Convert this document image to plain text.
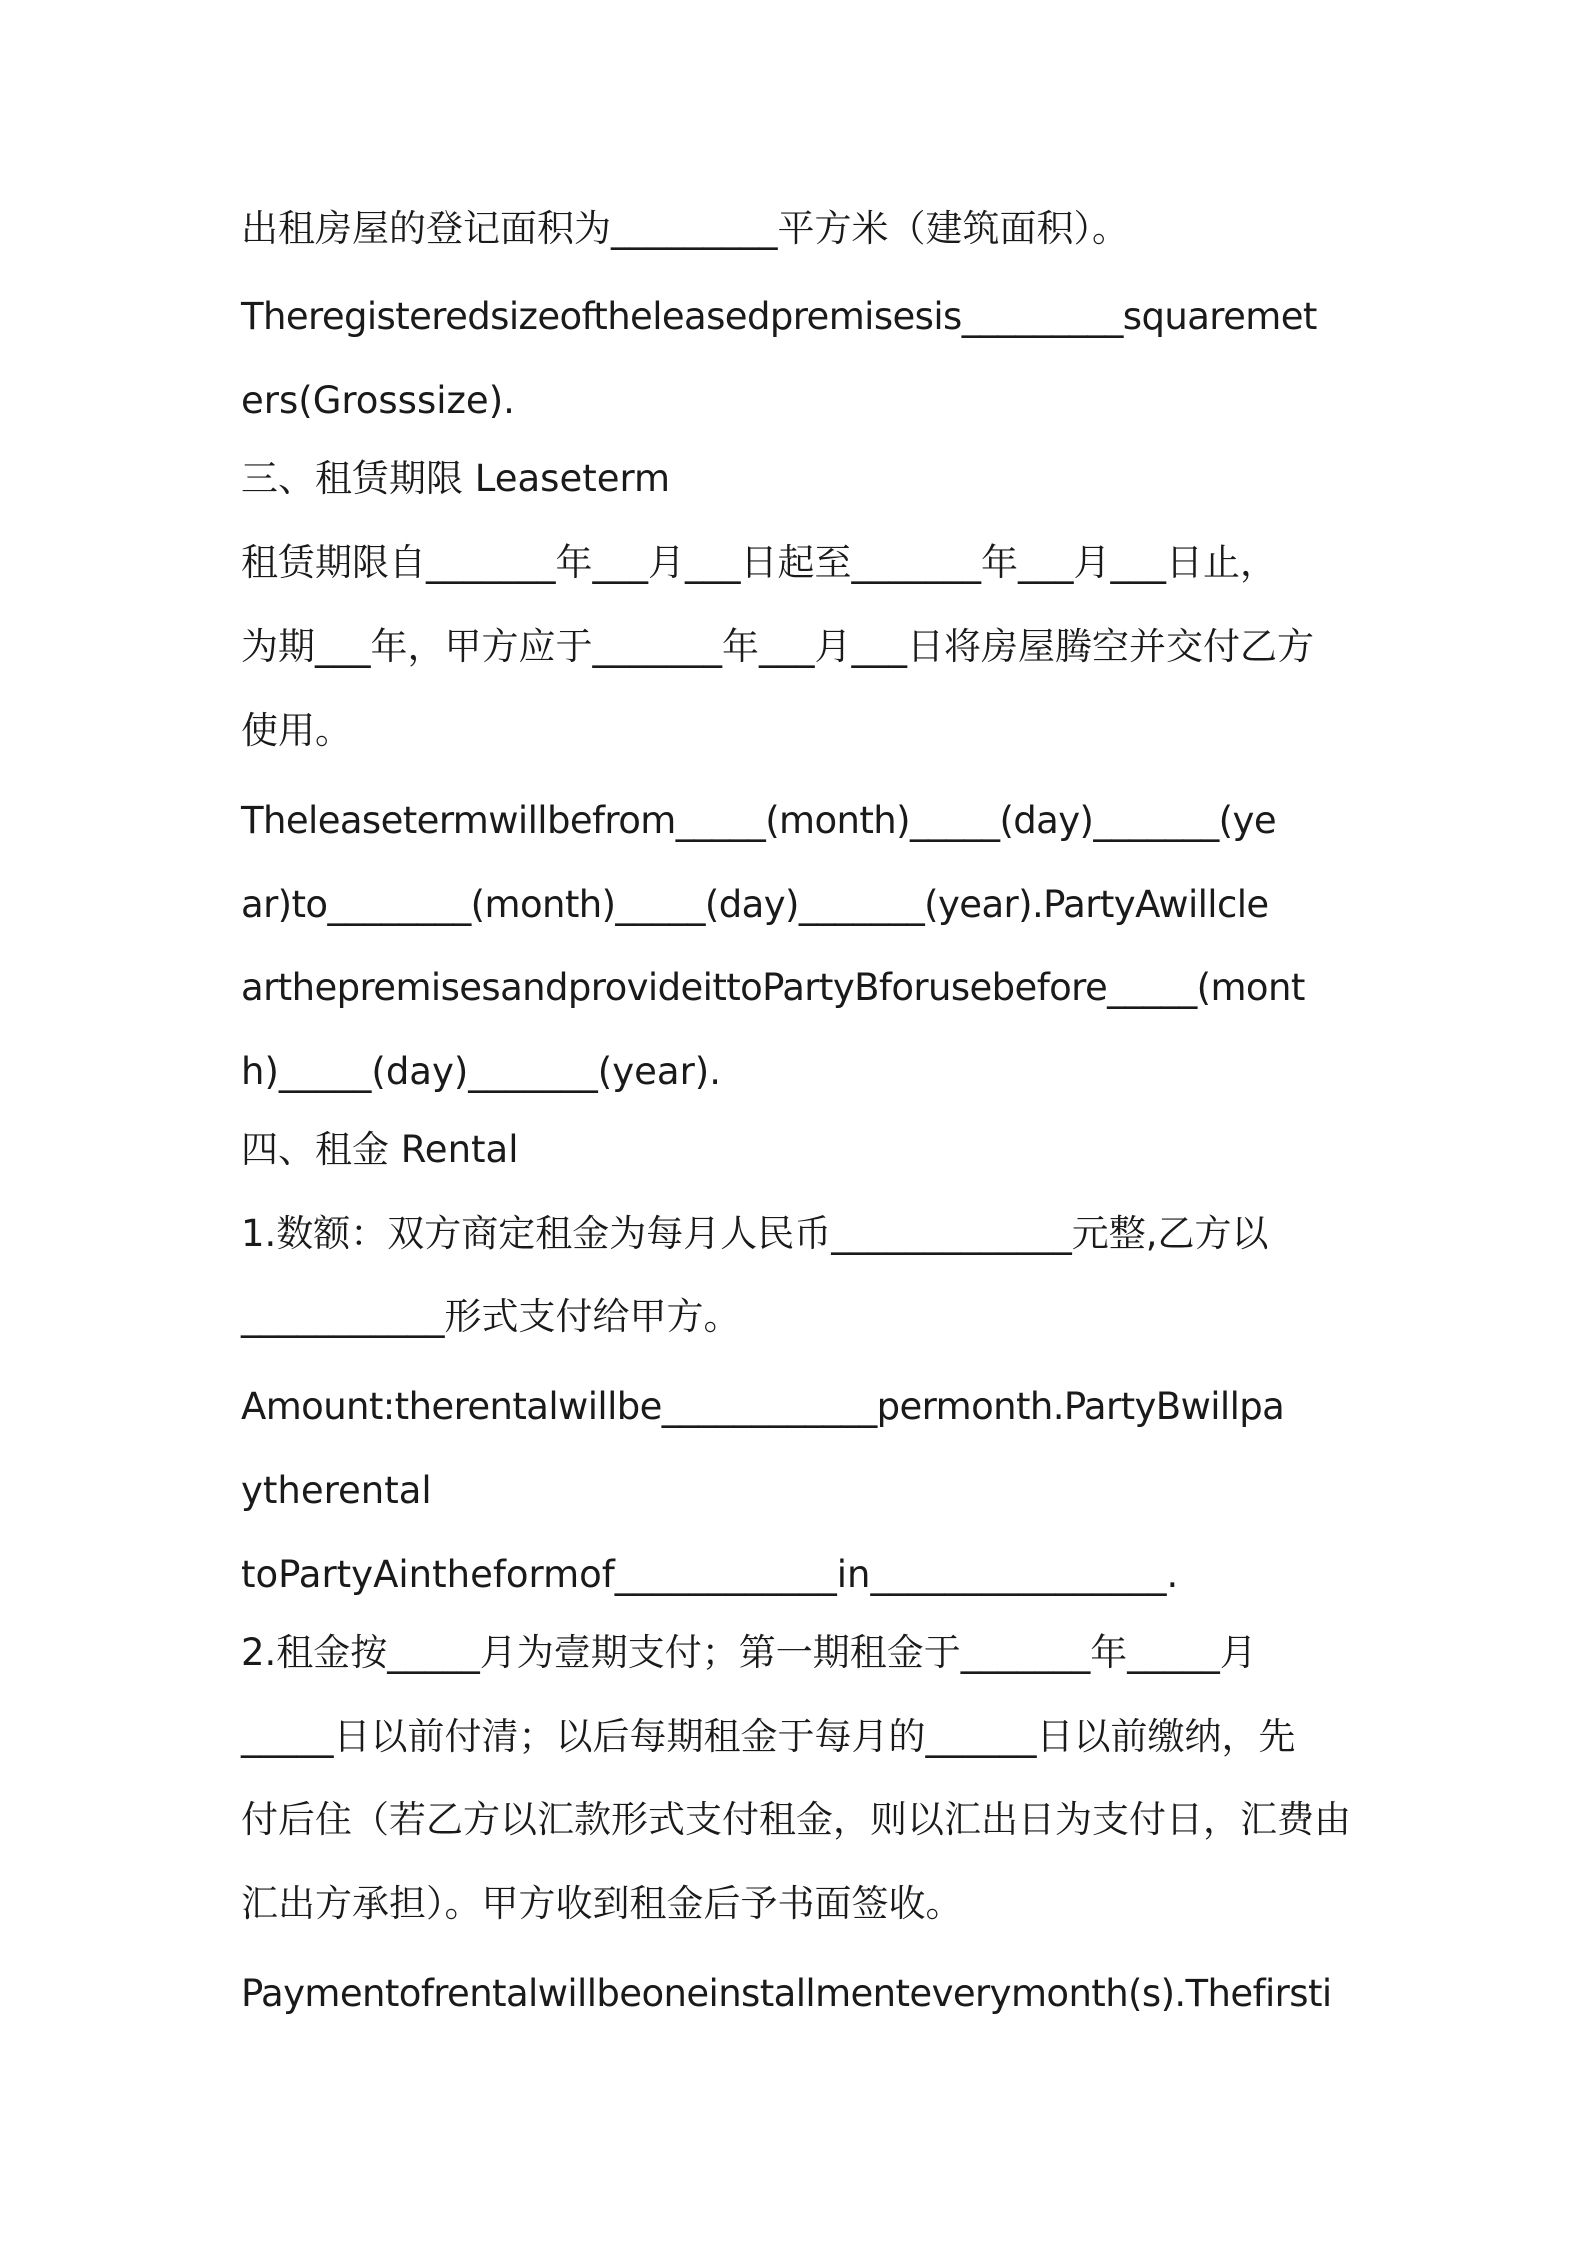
出租房屋的登记面积为_________平方米（建筑面积）。

Theregisteredsizeoftheleasedpremisesis_________squaremet

ers(Grosssize).

三、租赁期限 Leaseterm

租赁期限自_______年___月___日起至_______年___月___日止，

为期___年，甲方应于_______年___月___日将房屋腾空并交付乙方

使用。

Theleasetermwillbefrom_____(month)_____(day)_______(ye

ar)to________(month)_____(day)_______(year).PartyAwillcle

arthepremisesandprovideittoPartyBforusebefore_____(mont

h)_____(day)_______(year).

四、租金 Rental

1.数额：双方商定租金为每月人民币_____________元整,乙方以

___________形式支付给甲方。

Amount:therentalwillbe____________permonth.PartyBwillpa

ytherental

toPartyAintheformof____________in________________.

2.租金按_____月为壹期支付；第一期租金于_______年_____月

_____日以前付清；以后每期租金于每月的______日以前缴纳，先

付后住（若乙方以汇款形式支付租金，则以汇出日为支付日，汇费由

汇出方承担）。甲方收到租金后予书面签收。

Paymentofrentalwillbeoneinstallmenteverymonth(s).Thefirsti
